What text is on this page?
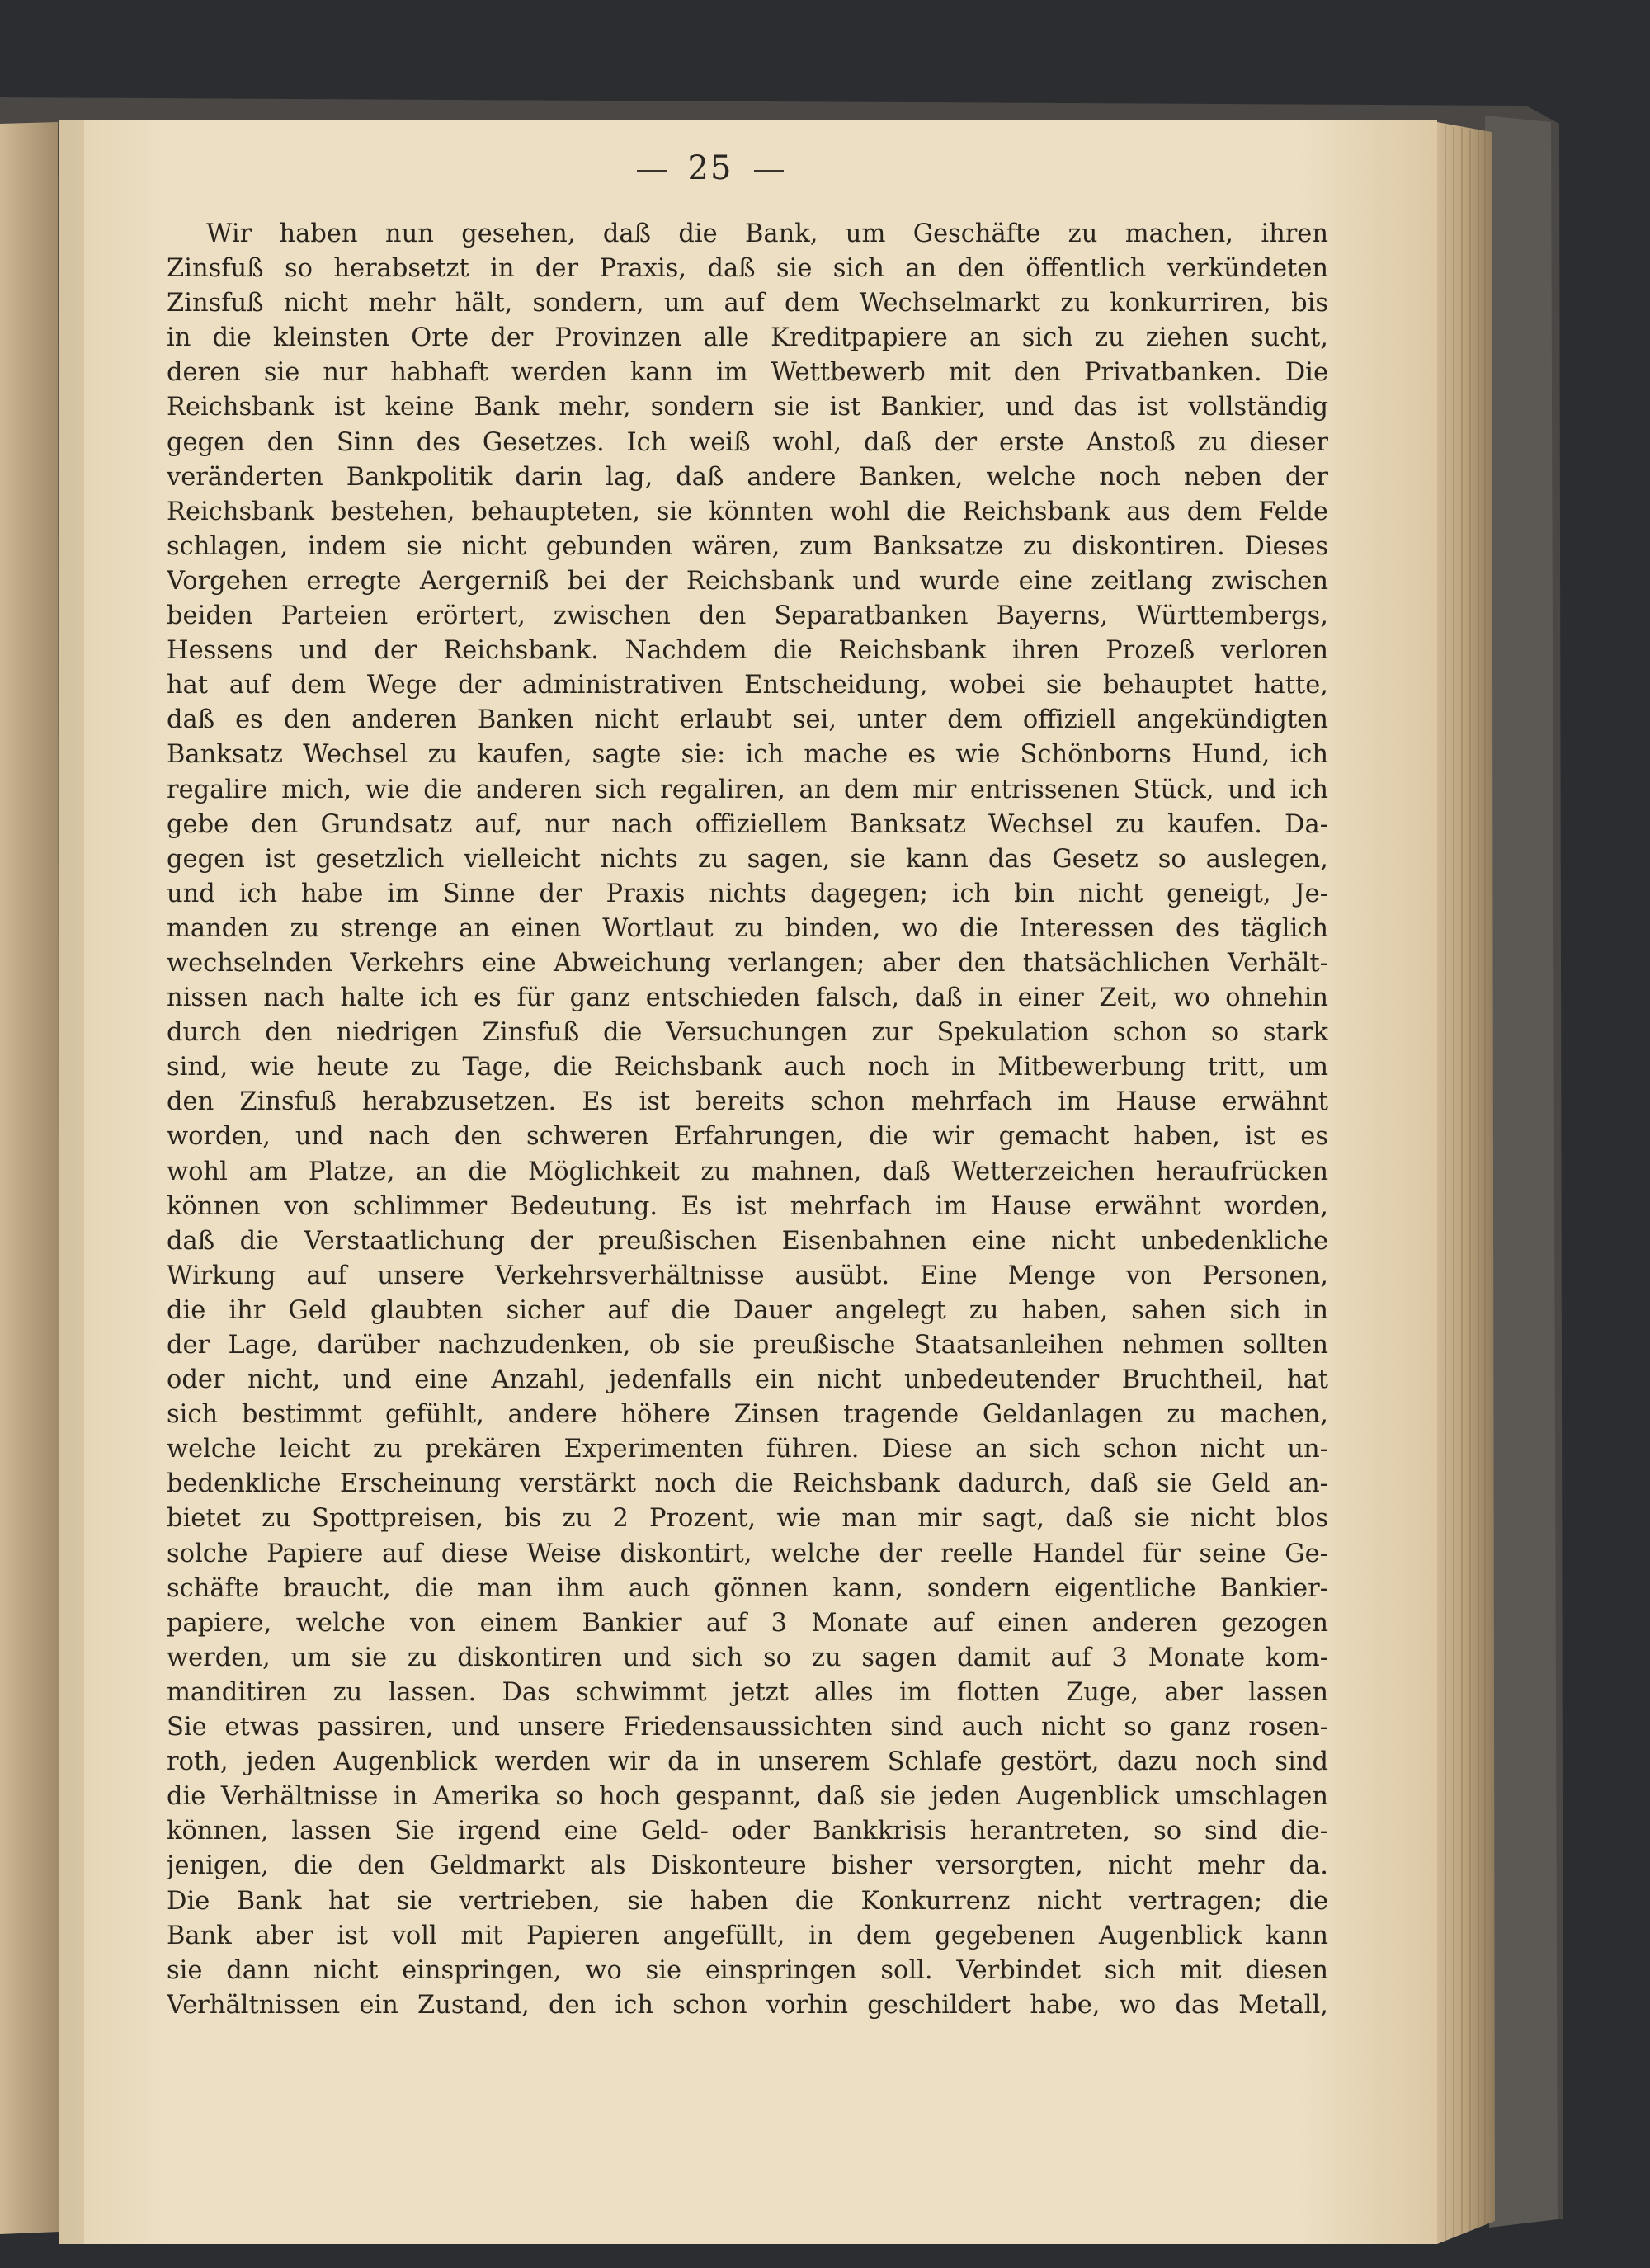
25
Wir haben nun gesehen, daß die Bank, um Geschäfte zu machen, ihren
Zinsfuß so herabsetzt in der Praxis, daß sie sich an den öffentlich verkündeten
Zinsfuß nicht mehr hält, sondern, um auf dem Wechselmarkt zu konkurriren, bis
in die kleinsten Orte der Provinzen alle Kreditpapiere an sich zu ziehen sucht,
deren sie nur habhaft werden kann im Wettbewerb mit den Privatbanken. Die
Reichsbank ist keine Bank mehr, sondern sie ist Bankier, und das ist vollständig
gegen den Sinn des Gesetzes. Ich weiß wohl, daß der erste Anstoß zu dieser
veränderten Bankpolitik darin lag, daß andere Banken, welche noch neben der
Reichsbank bestehen, behaupteten, sie könnten wohl die Reichsbank aus dem Felde
schlagen, indem sie nicht gebunden wären, zum Banksatze zu diskontiren. Dieses
Vorgehen erregte Aergerniß bei der Reichsbank und wurde eine zeitlang zwischen
beiden Parteien erörtert, zwischen den Separatbanken Bayerns, Württembergs,
Hessens und der Reichsbank. Nachdem die Reichsbank ihren Prozeß verloren
hat auf dem Wege der administrativen Entscheidung, wobei sie behauptet hatte,
daß es den anderen Banken nicht erlaubt sei, unter dem offiziell angekündigten
Banksatz Wechsel zu kaufen, sagte sie: ich mache es wie Schönborns Hund, ich
regalire mich, wie die anderen sich regaliren, an dem mir entrissenen Stück, und ich
gebe den Grundsatz auf, nur nach offiziellem Banksatz Wechsel zu kaufen. Da-
gegen ist gesetzlich vielleicht nichts zu sagen, sie kann das Gesetz so auslegen,
und ich habe im Sinne der Praxis nichts dagegen; ich bin nicht geneigt, Je-
manden zu strenge an einen Wortlaut zu binden, wo die Interessen des täglich
wechselnden Verkehrs eine Abweichung verlangen; aber den thatsächlichen Verhält-
nissen nach halte ich es für ganz entschieden falsch, daß in einer Zeit, wo ohnehin
durch den niedrigen Zinsfuß die Versuchungen zur Spekulation schon so stark
sind, wie heute zu Tage, die Reichsbank auch noch in Mitbewerbung tritt, um
den Zinsfuß herabzusetzen. Es ist bereits schon mehrfach im Hause erwähnt
worden, und nach den schweren Erfahrungen, die wir gemacht haben, ist es
wohl am Platze, an die Möglichkeit zu mahnen, daß Wetterzeichen heraufrücken
können von schlimmer Bedeutung. Es ist mehrfach im Hause erwähnt worden,
daß die Verstaatlichung der preußischen Eisenbahnen eine nicht unbedenkliche
Wirkung auf unsere Verkehrsverhältnisse ausübt. Eine Menge von Personen,
die ihr Geld glaubten sicher auf die Dauer angelegt zu haben, sahen sich in
der Lage, darüber nachzudenken, ob sie preußische Staatsanleihen nehmen sollten
oder nicht, und eine Anzahl, jedenfalls ein nicht unbedeutender Bruchtheil, hat
sich bestimmt gefühlt, andere höhere Zinsen tragende Geldanlagen zu machen,
welche leicht zu prekären Experimenten führen. Diese an sich schon nicht un-
bedenkliche Erscheinung verstärkt noch die Reichsbank dadurch, daß sie Geld an-
bietet zu Spottpreisen, bis zu 2 Prozent, wie man mir sagt, daß sie nicht blos
solche Papiere auf diese Weise diskontirt, welche der reelle Handel für seine Ge-
schäfte braucht, die man ihm auch gönnen kann, sondern eigentliche Bankier-
papiere, welche von einem Bankier auf 3 Monate auf einen anderen gezogen
werden, um sie zu diskontiren und sich so zu sagen damit auf 3 Monate kom-
manditiren zu lassen. Das schwimmt jetzt alles im flotten Zuge, aber lassen
Sie etwas passiren, und unsere Friedensaussichten sind auch nicht so ganz rosen-
roth, jeden Augenblick werden wir da in unserem Schlafe gestört, dazu noch sind
die Verhältnisse in Amerika so hoch gespannt, daß sie jeden Augenblick umschlagen
können, lassen Sie irgend eine Geld- oder Bankkrisis herantreten, so sind die-
jenigen, die den Geldmarkt als Diskonteure bisher versorgten, nicht mehr da.
Die Bank hat sie vertrieben, sie haben die Konkurrenz nicht vertragen; die
Bank aber ist voll mit Papieren angefüllt, in dem gegebenen Augenblick kann
sie dann nicht einspringen, wo sie einspringen soll. Verbindet sich mit diesen
Verhältnissen ein Zustand, den ich schon vorhin geschildert habe, wo das Metall,
